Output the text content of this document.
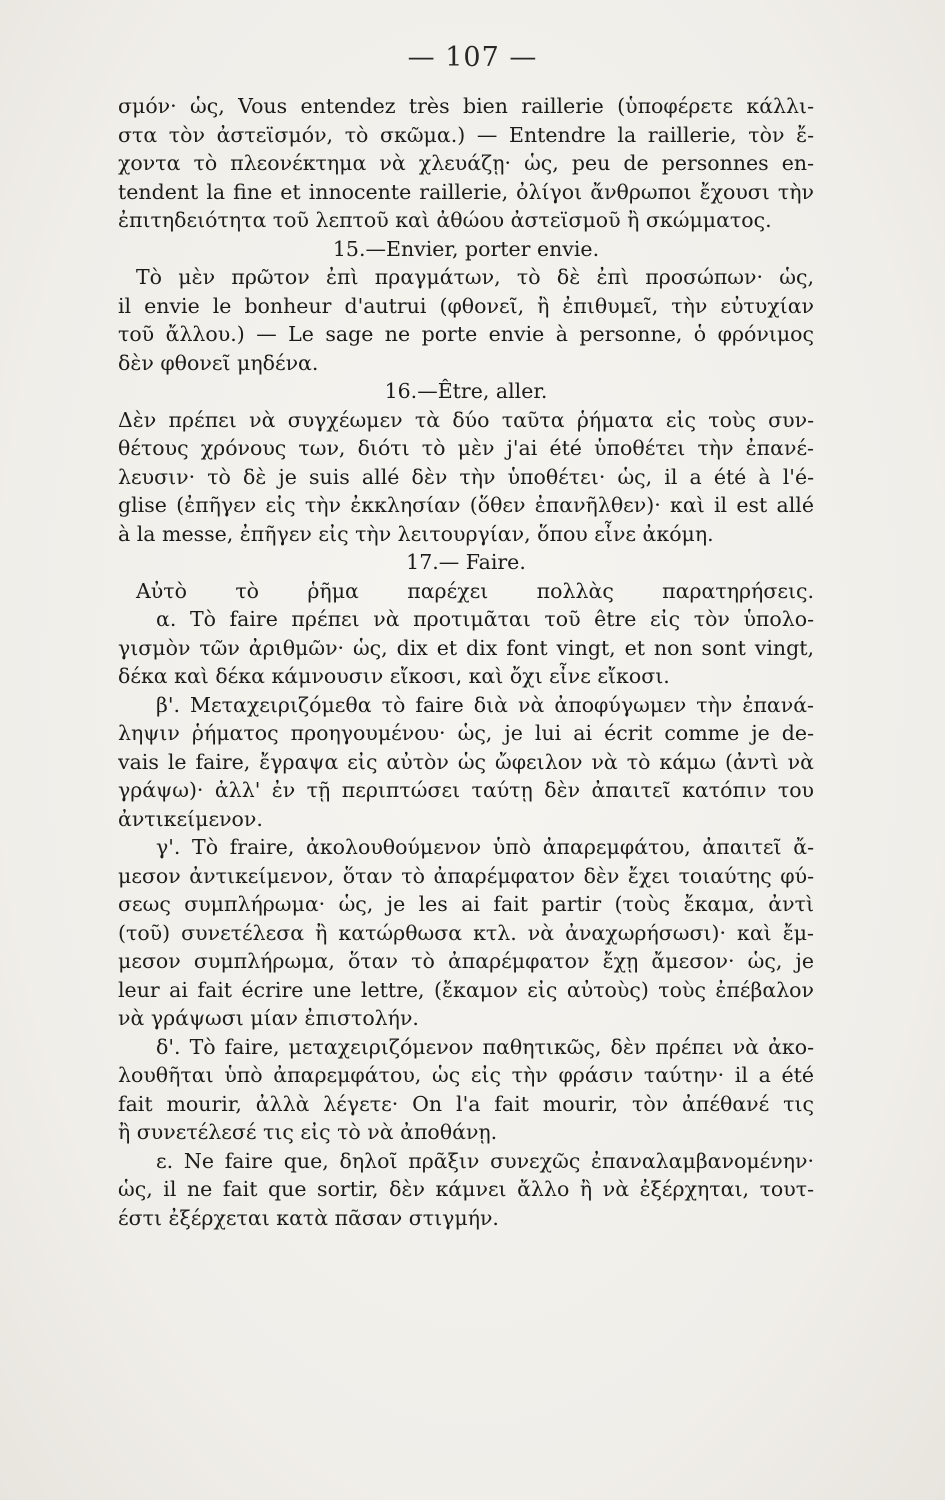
— 107 —
σμόν· ὡς, Vous entendez très bien raillerie (ὑποφέρετε κάλλι-
στα τὸν ἀστεϊσμόν, τὸ σκῶμα.) — Entendre la raillerie, τὸν ἔ-
χοντα τὸ πλεονέκτημα νὰ χλευάζῃ· ὡς, peu de personnes en-
tendent la fine et innocente raillerie, ὀλίγοι ἄνθρωποι ἔχουσι τὴν
ἐπιτηδειότητα τοῦ λεπτοῦ καὶ ἀθώου ἀστεϊσμοῦ ἢ σκώμματος.
15.—Envier, porter envie.
Τὸ μὲν πρῶτον ἐπὶ πραγμάτων, τὸ δὲ ἐπὶ προσώπων· ὡς,
il envie le bonheur d'autrui (φθονεῖ, ἢ ἐπιθυμεῖ, τὴν εὐτυχίαν
τοῦ ἄλλου.) — Le sage ne porte envie à personne, ὁ φρόνιμος
δὲν φθονεῖ μηδένα.
16.—Être, aller.
Δὲν πρέπει νὰ συγχέωμεν τὰ δύο ταῦτα ῥήματα εἰς τοὺς συν-
θέτους χρόνους των, διότι τὸ μὲν j'ai été ὑποθέτει τὴν ἐπανέ-
λευσιν· τὸ δὲ je suis allé δὲν τὴν ὑποθέτει· ὡς, il a été à l'é-
glise (ἐπῆγεν εἰς τὴν ἐκκλησίαν (ὅθεν ἐπανῆλθεν)· καὶ il est allé
à la messe, ἐπῆγεν εἰς τὴν λειτουργίαν, ὅπου εἶνε ἀκόμη.
17.— Faire.
Αὐτὸ τὸ ῥῆμα παρέχει πολλὰς παρατηρήσεις.
α. Τὸ faire πρέπει νὰ προτιμᾶται τοῦ être εἰς τὸν ὑπολο-
γισμὸν τῶν ἀριθμῶν· ὡς, dix et dix font vingt, et non sont vingt,
δέκα καὶ δέκα κάμνουσιν εἴκοσι, καὶ ὄχι εἶνε εἴκοσι.
β'. Μεταχειριζόμεθα τὸ faire διὰ νὰ ἀποφύγωμεν τὴν ἐπανά-
ληψιν ῥήματος προηγουμένου· ὡς, je lui ai écrit comme je de-
vais le faire, ἔγραψα εἰς αὐτὸν ὡς ὤφειλον νὰ τὸ κάμω (ἀντὶ νὰ
γράψω)· ἀλλ' ἐν τῇ περιπτώσει ταύτῃ δὲν ἀπαιτεῖ κατόπιν του
ἀντικείμενον.
γ'. Τὸ fraire, ἀκολουθούμενον ὑπὸ ἀπαρεμφάτου, ἀπαιτεῖ ἄ-
μεσον ἀντικείμενον, ὅταν τὸ ἀπαρέμφατον δὲν ἔχει τοιαύτης φύ-
σεως συμπλήρωμα· ὡς, je les ai fait partir (τοὺς ἔκαμα, ἀντὶ
(τοῦ) συνετέλεσα ἢ κατώρθωσα κτλ. νὰ ἀναχωρήσωσι)· καὶ ἔμ-
μεσον συμπλήρωμα, ὅταν τὸ ἀπαρέμφατον ἔχῃ ἄμεσον· ὡς, je
leur ai fait écrire une lettre, (ἔκαμον εἰς αὐτοὺς) τοὺς ἐπέβαλον
νὰ γράψωσι μίαν ἐπιστολήν.
δ'. Τὸ faire, μεταχειριζόμενον παθητικῶς, δὲν πρέπει νὰ ἀκο-
λουθῆται ὑπὸ ἀπαρεμφάτου, ὡς εἰς τὴν φράσιν ταύτην· il a été
fait mourir, ἀλλὰ λέγετε· On l'a fait mourir, τὸν ἀπέθανέ τις
ἢ συνετέλεσέ τις εἰς τὸ νὰ ἀποθάνῃ.
ε. Ne faire que, δηλοῖ πρᾶξιν συνεχῶς ἐπαναλαμβανομένην·
ὡς, il ne fait que sortir, δὲν κάμνει ἄλλο ἢ νὰ ἐξέρχηται, τουτ-
έστι ἐξέρχεται κατὰ πᾶσαν στιγμήν.
